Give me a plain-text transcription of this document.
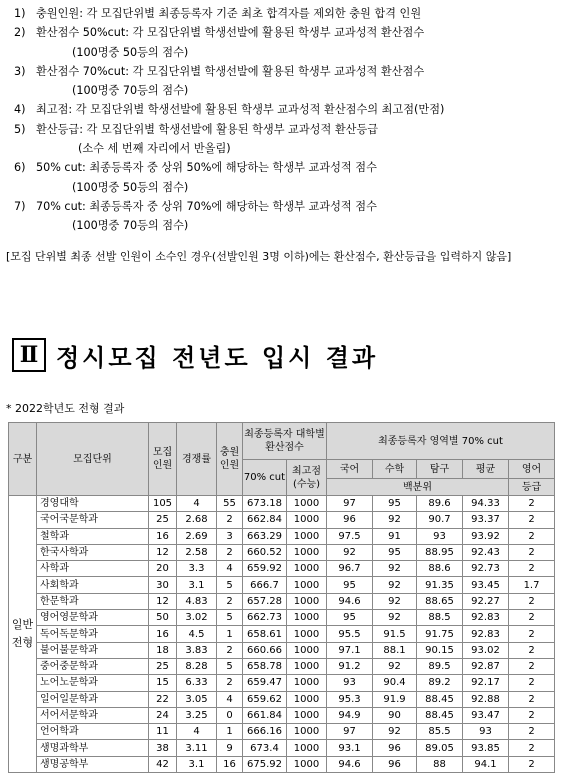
1) 충원인원: 각 모집단위별 최종등록자 기준 최초 합격자를 제외한 충원 합격 인원
2) 환산점수 50%cut: 각 모집단위별 학생선발에 활용된 학생부 교과성적 환산점수
(100명중 50등의 점수)
3) 환산점수 70%cut: 각 모집단위별 학생선발에 활용된 학생부 교과성적 환산점수
(100명중 70등의 점수)
4) 최고점: 각 모집단위별 학생선발에 활용된 학생부 교과성적 환산점수의 최고점(만점)
5) 환산등급: 각 모집단위별 학생선발에 활용된 학생부 교과성적 환산등급
(소수 세 번째 자리에서 반올림)
6) 50% cut: 최종등록자 중 상위 50%에 해당하는 학생부 교과성적 점수
(100명중 50등의 점수)
7) 70% cut: 최종등록자 중 상위 70%에 해당하는 학생부 교과성적 점수
(100명중 70등의 점수)
[모집 단위별 최종 선발 인원이 소수인 경우(선발인원 3명 이하)에는 환산점수, 환산등급을 입력하지 않음]
Ⅱ 정시모집 전년도 입시 결과
* 2022학년도 전형 결과
구분	모집단위	모집 인원	경쟁률	충원 인원	최종등록자 대학별 환산점수		최종등록자 영역별 70% cut				
					70% cut	최고점 (수능)	국어	수학	탐구	평균	영어
							백분위				등급
일반 전형	경영대학	105	4	55	673.18	1000	97	95	89.6	94.33	2
	국어국문학과	25	2.68	2	662.84	1000	96	92	90.7	93.37	2
	철학과	16	2.69	3	663.29	1000	97.5	91	93	93.92	2
	한국사학과	12	2.58	2	660.52	1000	92	95	88.95	92.43	2
	사학과	20	3.3	4	659.92	1000	96.7	92	88.6	92.73	2
	사회학과	30	3.1	5	666.7	1000	95	92	91.35	93.45	1.7
	한문학과	12	4.83	2	657.28	1000	94.6	92	88.65	92.27	2
	영어영문학과	50	3.02	5	662.73	1000	95	92	88.5	92.83	2
	독어독문학과	16	4.5	1	658.61	1000	95.5	91.5	91.75	92.83	2
	불어불문학과	18	3.83	2	660.66	1000	97.1	88.1	90.15	93.02	2
	중어중문학과	25	8.28	5	658.78	1000	91.2	92	89.5	92.87	2
	노어노문학과	15	6.33	2	659.47	1000	93	90.4	89.2	92.17	2
	일어일문학과	22	3.05	4	659.62	1000	95.3	91.9	88.45	92.88	2
	서어서문학과	24	3.25	0	661.84	1000	94.9	90	88.45	93.47	2
	언어학과	11	4	1	666.16	1000	97	92	85.5	93	2
	생명과학부	38	3.11	9	673.4	1000	93.1	96	89.05	93.85	2
	생명공학부	42	3.1	16	675.92	1000	94.6	96	88	94.1	2
